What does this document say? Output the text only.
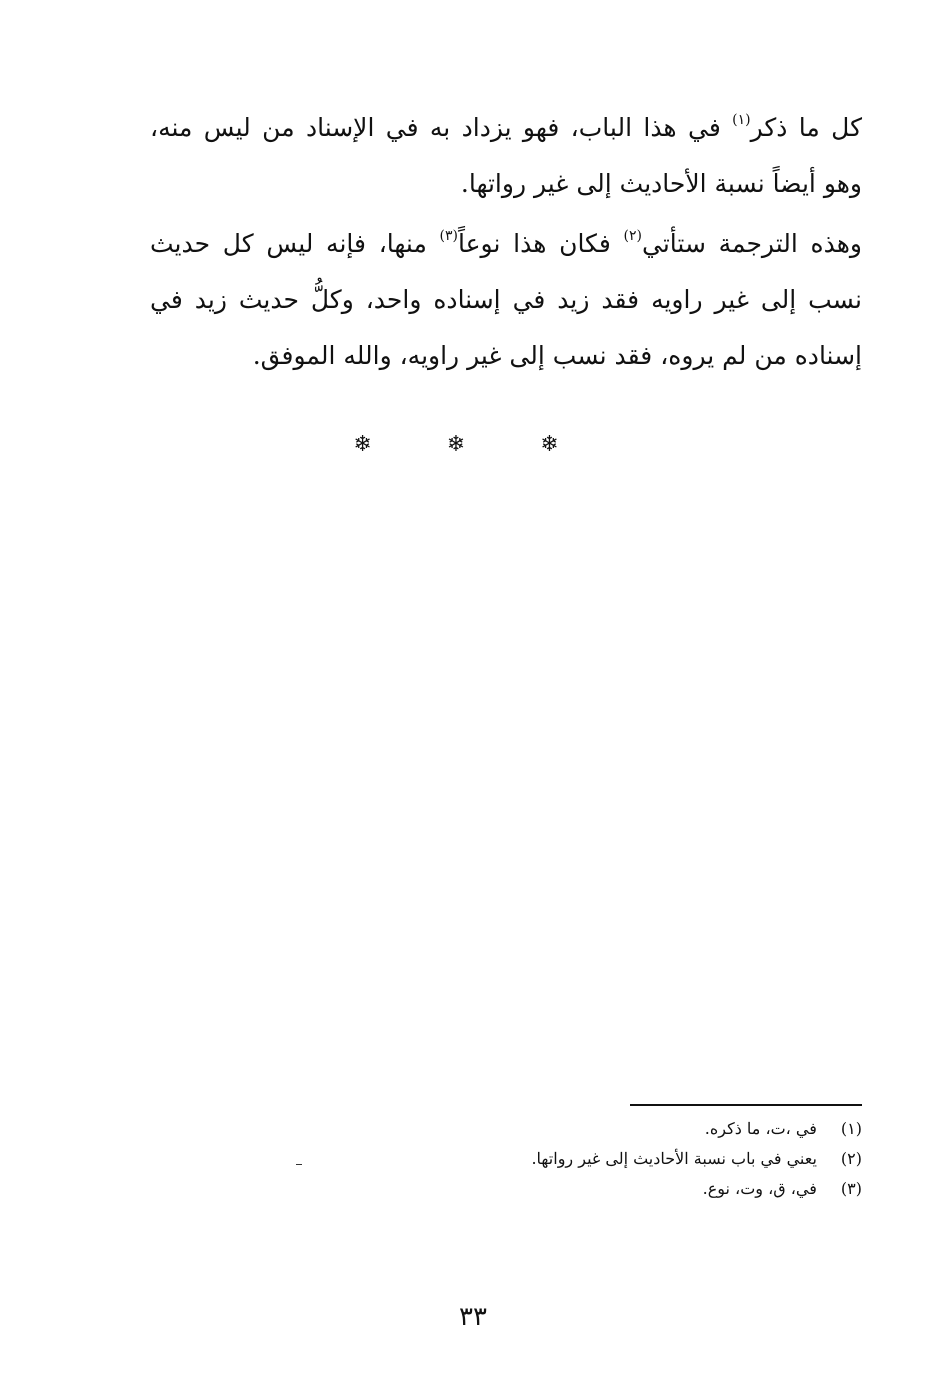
كل ما ذكر$^{(١)}$ في هذا الباب، فهو يزداد به في الإسناد من ليس منه، وهو أيضاً نسبة الأحاديث إلى غير رواتها.

وهذه الترجمة ستأتي$^{(٢)}$ فكان هذا نوعاً$^{(٣)}$ منها، فإنه ليس كل حديث نسب إلى غير راويه فقد زيد في إسناده واحد، وكلُّ حديث زيد في إسناده من لم يروه، فقد نسب إلى غير راويه، والله الموفق.

❄ ❄ ❄
(١) في ،ت، ما ذكره.
(٢) يعني في باب نسبة الأحاديث إلى غير رواتها.
(٣) في، ق، وت، نوع.
٣٣
